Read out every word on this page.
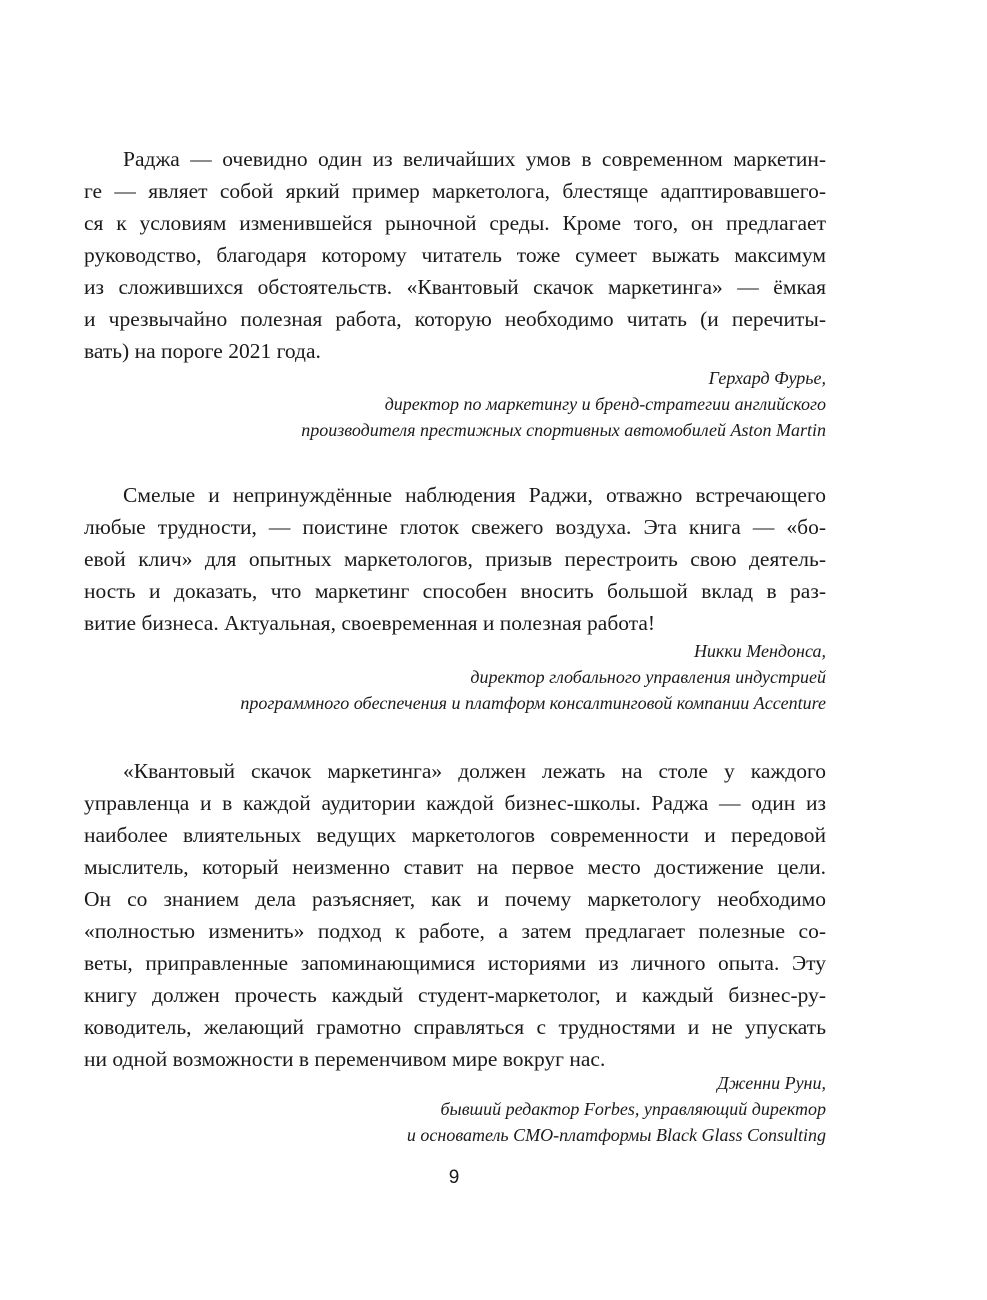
Раджа — очевидно один из величайших умов в современном маркетин-
ге — являет собой яркий пример маркетолога, блестяще адаптировавшего-
ся к условиям изменившейся рыночной среды. Кроме того, он предлагает
руководство, благодаря которому читатель тоже сумеет выжать максимум
из сложившихся обстоятельств. «Квантовый скачок маркетинга» — ёмкая
и чрезвычайно полезная работа, которую необходимо читать (и перечиты-
вать) на пороге 2021 года.
Герхард Фурье,
директор по маркетингу и бренд-стратегии английского
производителя престижных спортивных автомобилей Aston Martin
Смелые и непринуждённые наблюдения Раджи, отважно встречающего
любые трудности, — поистине глоток свежего воздуха. Эта книга — «бо-
евой клич» для опытных маркетологов, призыв перестроить свою деятель-
ность и доказать, что маркетинг способен вносить большой вклад в раз-
витие бизнеса. Актуальная, своевременная и полезная работа!
Никки Мендонса,
директор глобального управления индустрией
программного обеспечения и платформ консалтинговой компании Accenture
«Квантовый скачок маркетинга» должен лежать на столе у каждого
управленца и в каждой аудитории каждой бизнес-школы. Раджа — один из
наиболее влиятельных ведущих маркетологов современности и передовой
мыслитель, который неизменно ставит на первое место достижение цели.
Он со знанием дела разъясняет, как и почему маркетологу необходимо
«полностью изменить» подход к работе, а затем предлагает полезные со-
веты, приправленные запоминающимися историями из личного опыта. Эту
книгу должен прочесть каждый студент-маркетолог, и каждый бизнес-ру-
ководитель, желающий грамотно справляться с трудностями и не упускать
ни одной возможности в переменчивом мире вокруг нас.
Дженни Руни,
бывший редактор Forbes, управляющий директор
и основатель CMO-платформы Black Glass Consulting
9
